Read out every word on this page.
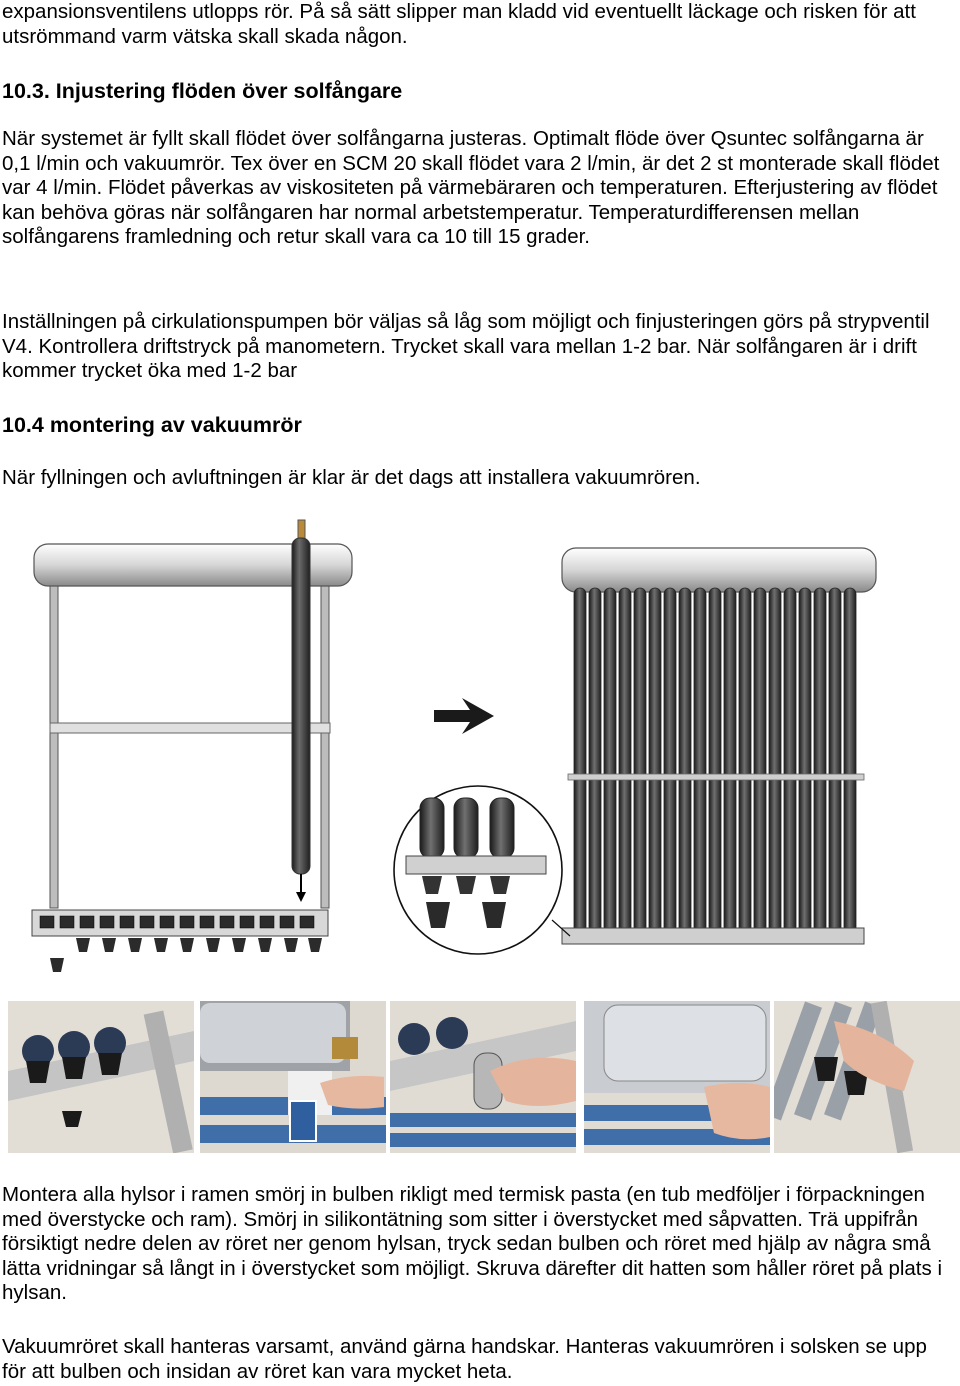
expansionsventilens utlopps rör. På så sätt slipper man kladd vid eventuellt läckage och risken för att utsrömmand varm vätska skall skada någon.

10.3. Injustering flöden över solfångare

När systemet är fyllt skall flödet över solfångarna justeras. Optimalt flöde över Qsuntec solfångarna är 0,1 l/min och vakuumrör. Tex över en SCM 20 skall flödet vara 2 l/min, är det 2 st monterade skall flödet var 4 l/min. Flödet påverkas av viskositeten på värmebäraren och temperaturen. Efterjustering av flödet kan behöva göras när solfångaren har normal arbetstemperatur. Temperaturdifferensen mellan solfångarens framledning och retur skall vara ca 10 till 15 grader.

Inställningen på cirkulationspumpen bör väljas så låg som möjligt och finjusteringen görs på strypventil V4. Kontrollera driftstryck på manometern. Trycket skall vara mellan 1-2 bar. När solfångaren är i drift kommer trycket öka med 1-2 bar

10.4 montering av vakuumrör

När fyllningen och avluftningen är klar är det dags att installera vakuumrören.

Montera alla hylsor i ramen smörj in bulben rikligt med termisk pasta (en tub medföljer i förpackningen med överstycke och ram). Smörj in silikontätning som sitter i överstycket med såpvatten. Trä uppifrån försiktigt nedre delen av röret ner genom hylsan, tryck sedan bulben och röret med hjälp av några små lätta vridningar så långt in i överstycket som möjligt. Skruva därefter dit hatten som håller röret på plats i hylsan.

Vakuumröret skall hanteras varsamt, använd gärna handskar. Hanteras vakuumrören i solsken se upp för att bulben och insidan av röret kan vara mycket heta.
